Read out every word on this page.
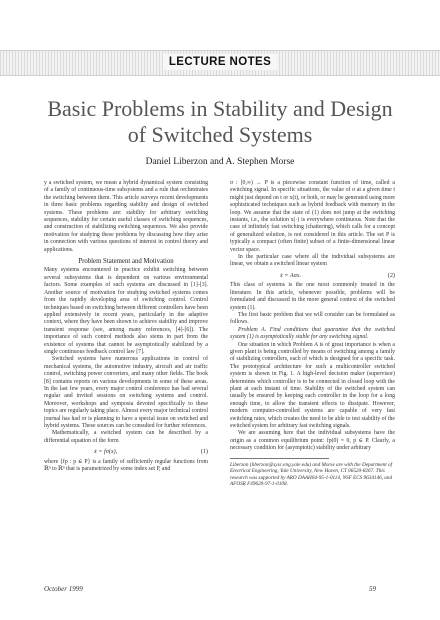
LECTURE NOTES
Basic Problems in Stability and Design
of Switched Systems
Daniel Liberzon and A. Stephen Morse

y a switched system, we mean a hybrid dynamical system consisting of a family of continuous-time subsystems and a rule that orchestrates the switching between them. This article surveys recent developments in three basic problems regarding stability and design of switched systems. These problems are: stability for arbitrary switching sequences, stability for certain useful classes of switching sequences, and construction of stabilizing switching sequences. We also provide motivation for studying these problems by discussing how they arise in connection with various questions of interest in control theory and applications.

Problem Statement and Motivation

Many systems encountered in practice exhibit switching between several subsystems that is dependent on various environmental factors. Some examples of such systems are discussed in [1]-[3]. Another source of motivation for studying switched systems comes from the rapidly developing area of switching control. Control techniques based on switching between different controllers have been applied extensively in recent years, particularly in the adaptive context, where they have been shown to achieve stability and improve transient response (see, among many references, [4]-[6]). The importance of such control methods also stems in part from the existence of systems that cannot be asymptotically stabilized by a single continuous feedback control law [7].

Switched systems have numerous applications in control of mechanical systems, the automotive industry, aircraft and air traffic control, switching power converters, and many other fields. The book [8] contains reports on various developments in some of these areas. In the last few years, every major control conference has had several regular and invited sessions on switching systems and control. Moreover, workshops and symposia devoted specifically to these topics are regularly taking place. Almost every major technical control journal has had or is planning to have a special issue on switched and hybrid systems. These sources can be consulted for further references.

Mathematically, a switched system can be described by a differential equation of the form

ẋ = fσ(x),	(1)

where {fp : p ∈ P} is a family of sufficiently regular functions from ℝⁿ to ℝⁿ that is parametrized by some index set P, and

σ : [0,∞) → P is a piecewise constant function of time, called a switching signal. In specific situations, the value of σ at a given time t might just depend on t or x(t), or both, or may be generated using more sophisticated techniques such as hybrid feedback with memory in the loop. We assume that the state of (1) does not jump at the switching instants, i.e., the solution x(·) is everywhere continuous. Note that the case of infinitely fast switching (chattering), which calls for a concept of generalized solution, is not considered in this article. The set P is typically a compact (often finite) subset of a finite-dimensional linear vector space.

In the particular case where all the individual subsystems are linear, we obtain a switched linear system

ẋ = Aσx.	(2)

This class of systems is the one most commonly treated in the literature. In this article, whenever possible, problems will be formulated and discussed in the more general context of the switched system (1).

The first basic problem that we will consider can be formulated as follows.

Problem A. Find conditions that guarantee that the switched system (1) is asymptotically stable for any switching signal.

One situation in which Problem A is of great importance is when a given plant is being controlled by means of switching among a family of stabilizing controllers, each of which is designed for a specific task. The prototypical architecture for such a multicontroller switched system is shown in Fig. 1. A high-level decision maker (supervisor) determines which controller is to be connected in closed loop with the plant at each instant of time. Stability of the switched system can usually be ensured by keeping each controller in the loop for a long enough time, to allow the transient effects to dissipate. However, modern computer-controlled systems are capable of very fast switching rates, which creates the need to be able to test stability of the switched system for arbitrary fast switching signals.

We are assuming here that the individual subsystems have the origin as a common equilibrium point: fp(0) = 0, p ∈ P. Clearly, a necessary condition for (asymptotic) stability under arbitrary

Liberzon (liberzon@sysc.eng.yale.edu) and Morse are with the Department of Electrical Engineering, Yale University, New Haven, CT 06520-8267. This research was supported by ARO DAAH04-95-1-0114, NSF ECS 9634146, and AFOSR F49620-97-1-0108.
October 1999	59
